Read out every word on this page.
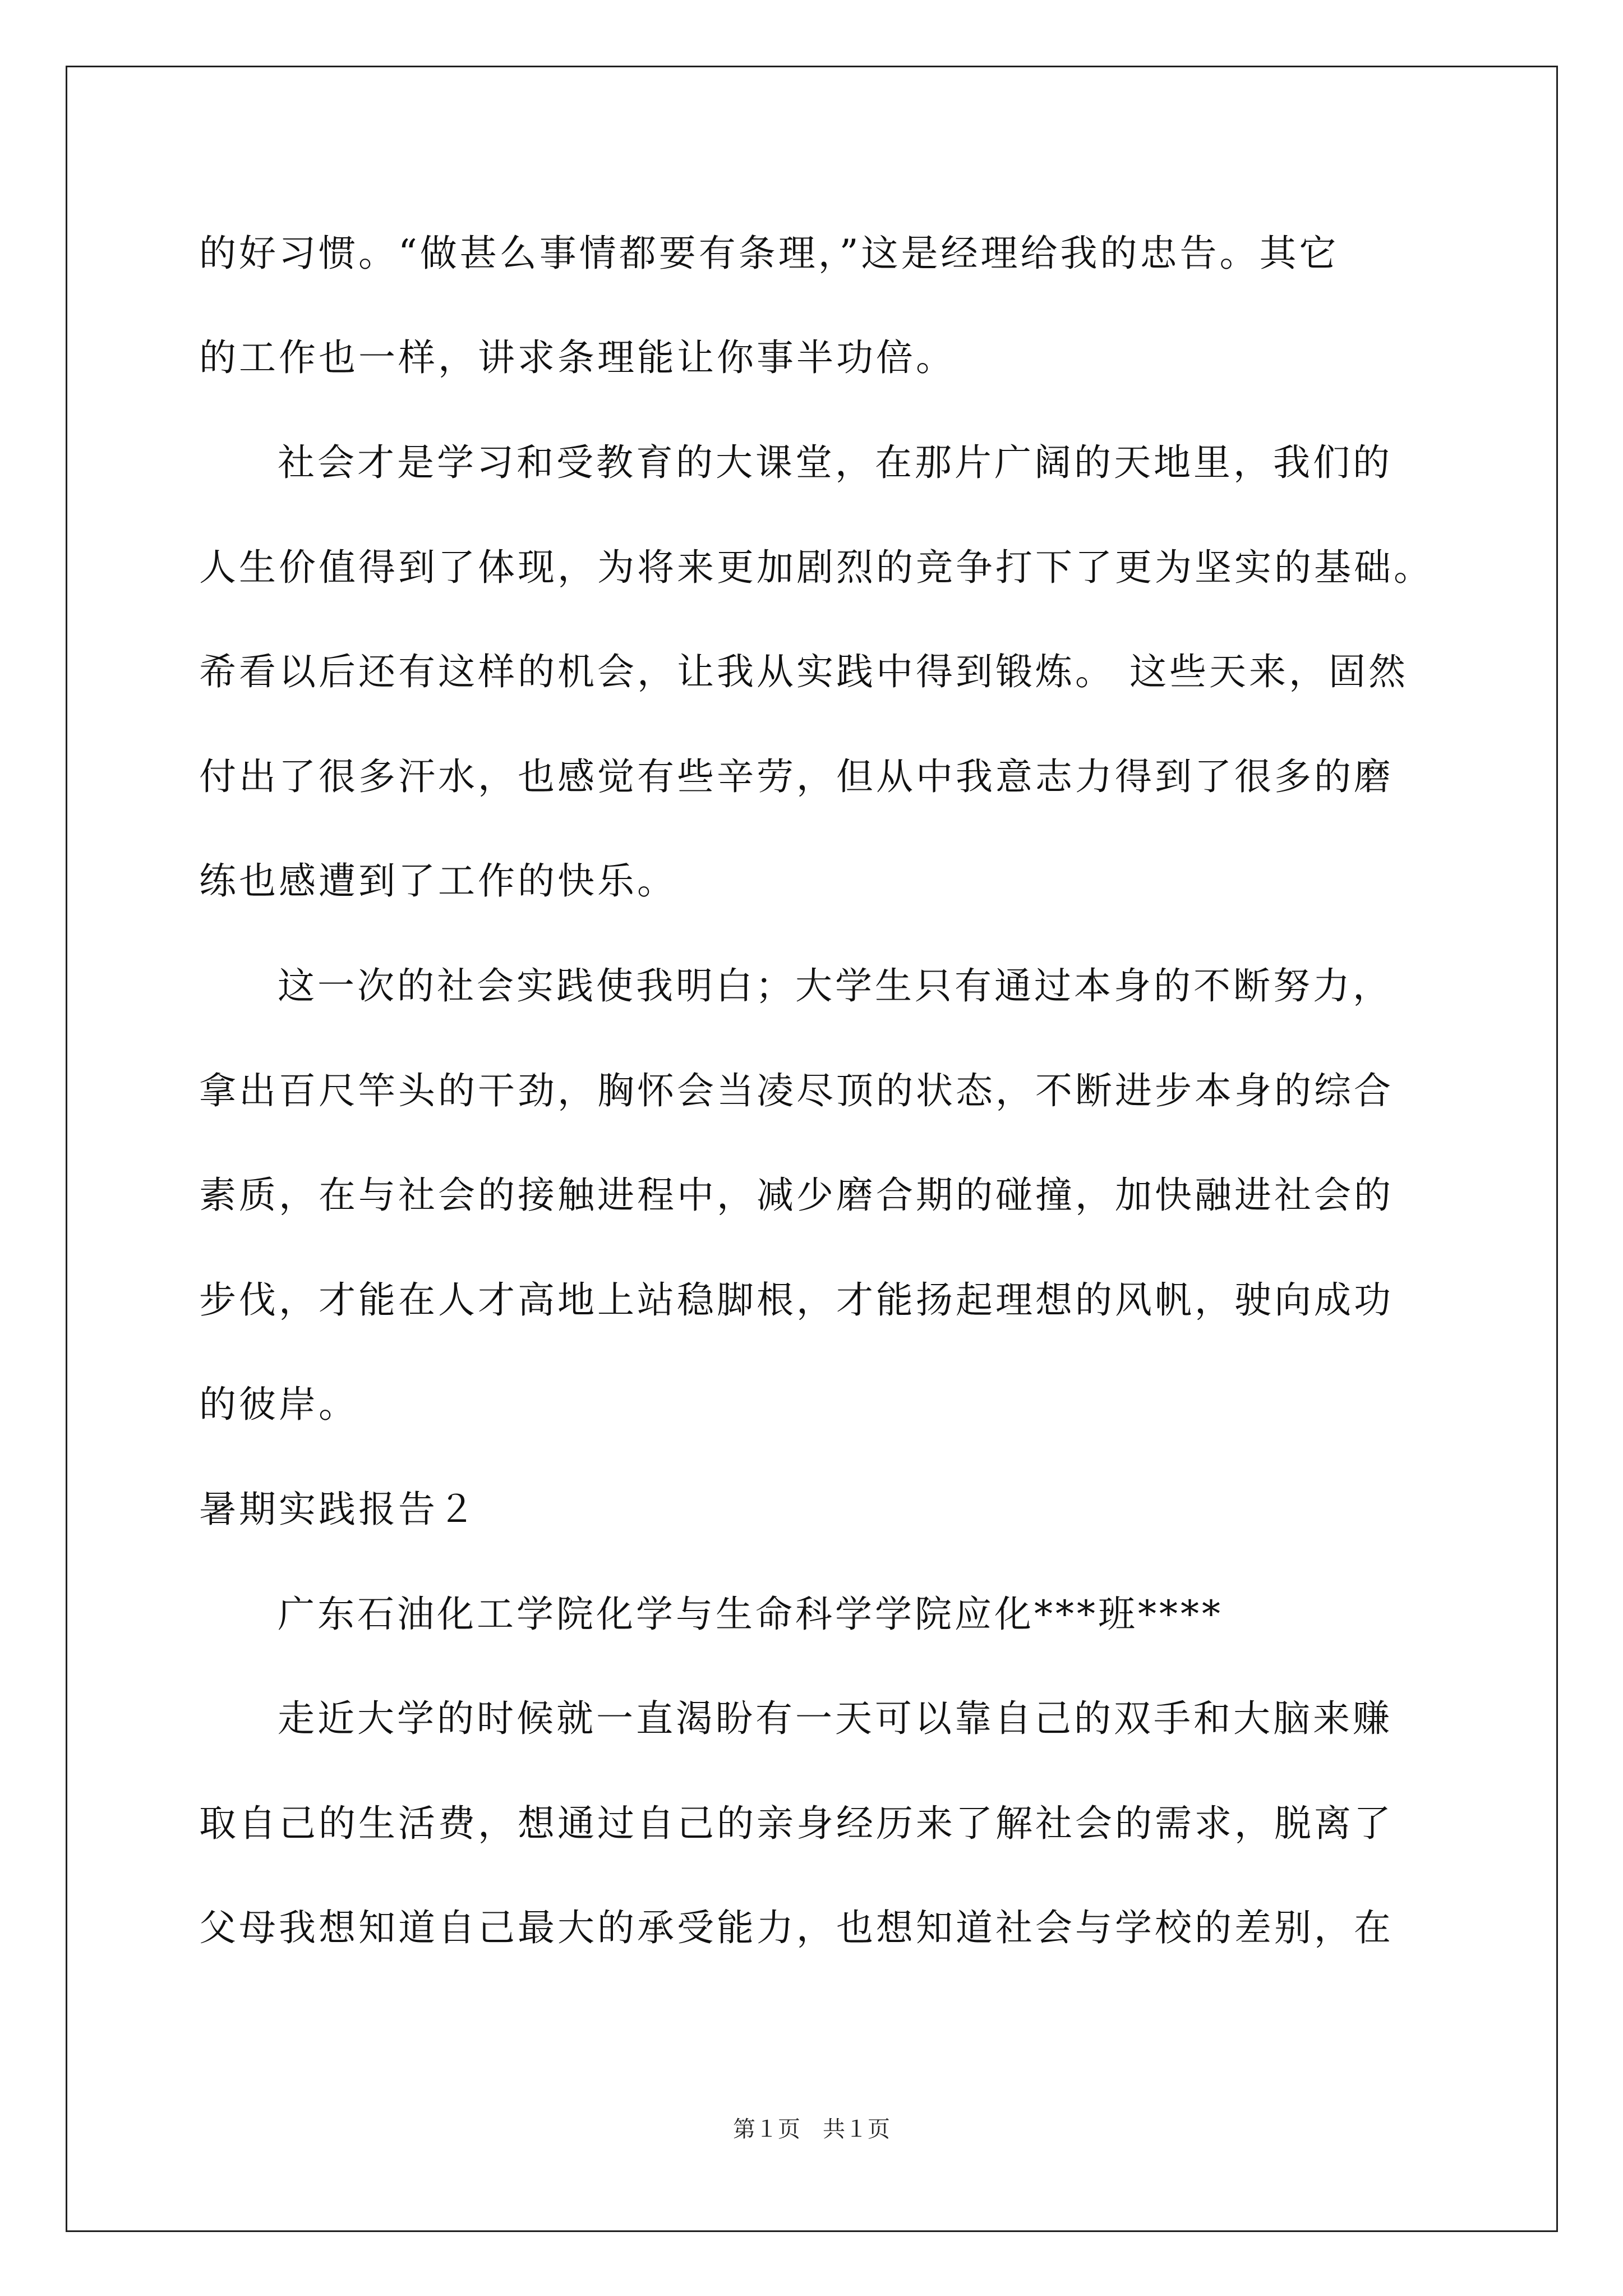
的好习惯。“做甚么事情都要有条理，”这是经理给我的忠告。其它
的工作也一样，讲求条理能让你事半功倍。
社会才是学习和受教育的大课堂，在那片广阔的天地里，我们的
人生价值得到了体现，为将来更加剧烈的竞争打下了更为坚实的基础。
希看以后还有这样的机会，让我从实践中得到锻炼。 这些天来，固然
付出了很多汗水，也感觉有些辛劳，但从中我意志力得到了很多的磨
练也感遭到了工作的快乐。
这一次的社会实践使我明白；大学生只有通过本身的不断努力，
拿出百尺竿头的干劲，胸怀会当凌尽顶的状态，不断进步本身的综合
素质，在与社会的接触进程中，减少磨合期的碰撞，加快融进社会的
步伐，才能在人才高地上站稳脚根，才能扬起理想的风帆，驶向成功
的彼岸。
暑期实践报告２
广东石油化工学院化学与生命科学学院应化***班****
走近大学的时候就一直渴盼有一天可以靠自己的双手和大脑来赚
取自己的生活费，想通过自己的亲身经历来了解社会的需求，脱离了
父母我想知道自己最大的承受能力，也想知道社会与学校的差别，在
第１页　共１页
